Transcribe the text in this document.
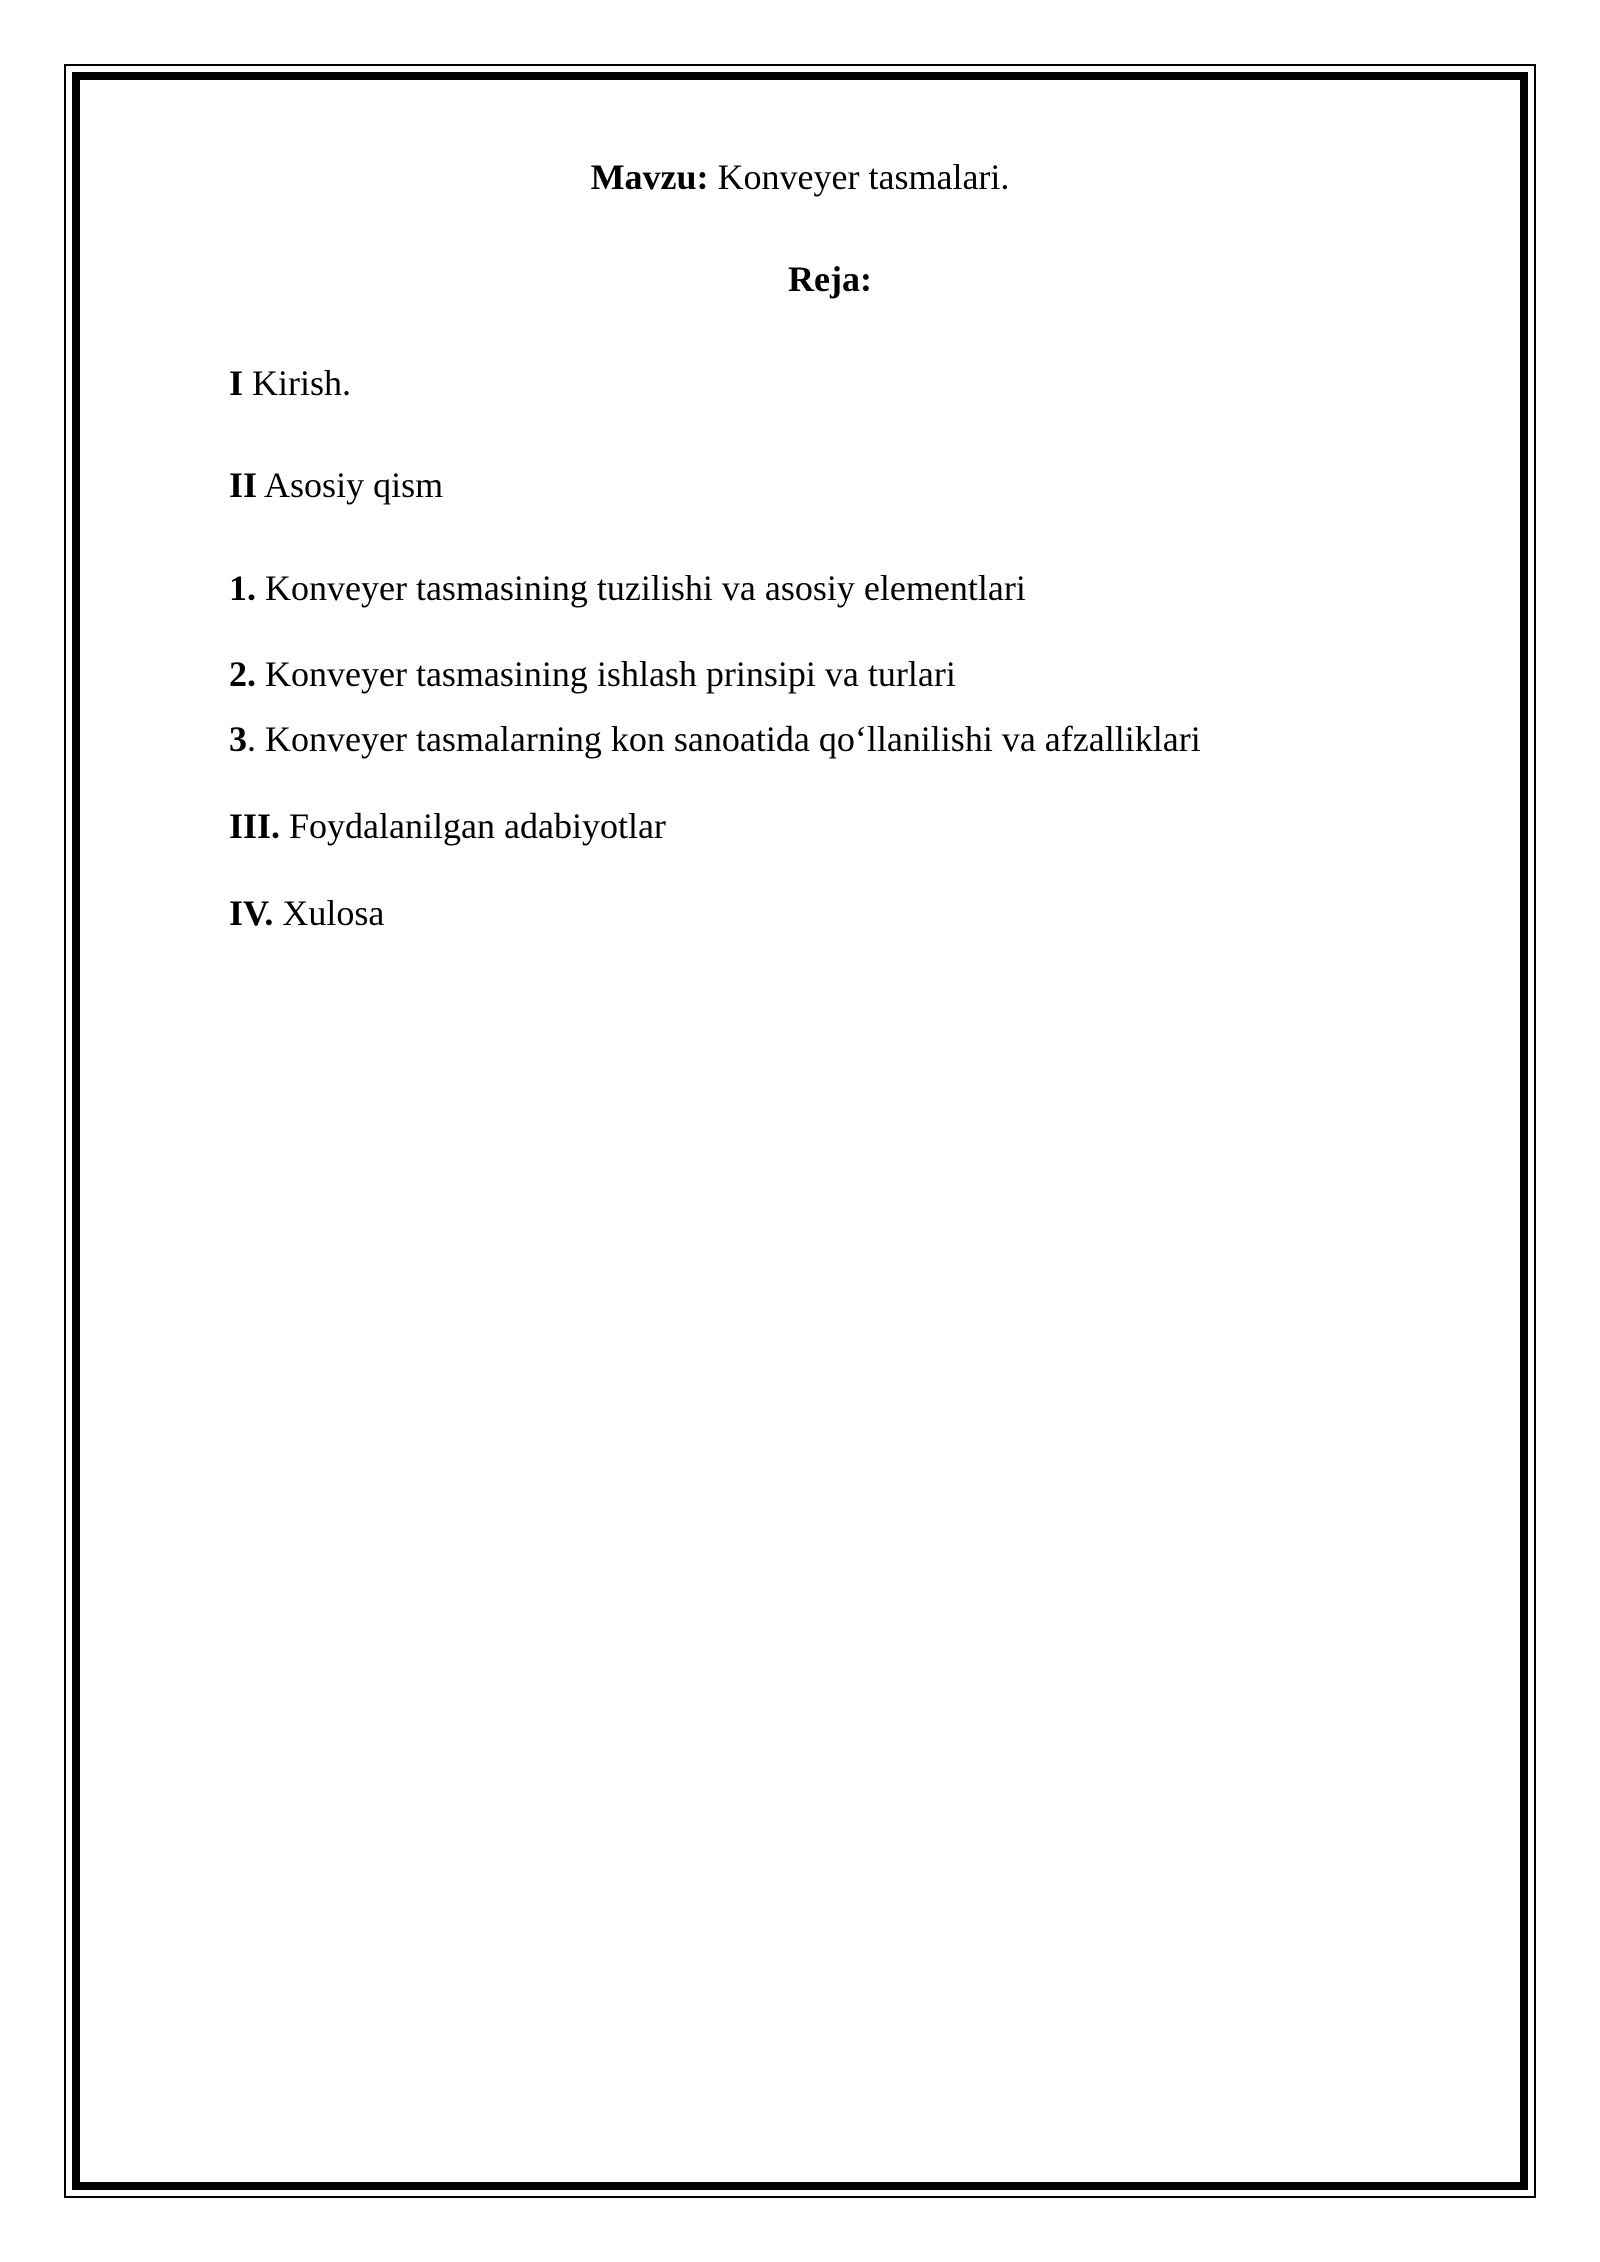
Mavzu: Konveyer tasmalari.
Reja:
I Kirish.
II Asosiy qism
1. Konveyer tasmasining tuzilishi va asosiy elementlari
2. Konveyer tasmasining ishlash prinsipi va turlari
3. Konveyer tasmalarning kon sanoatida qo‘llanilishi va afzalliklari
III. Foydalanilgan adabiyotlar
IV. Xulosa
